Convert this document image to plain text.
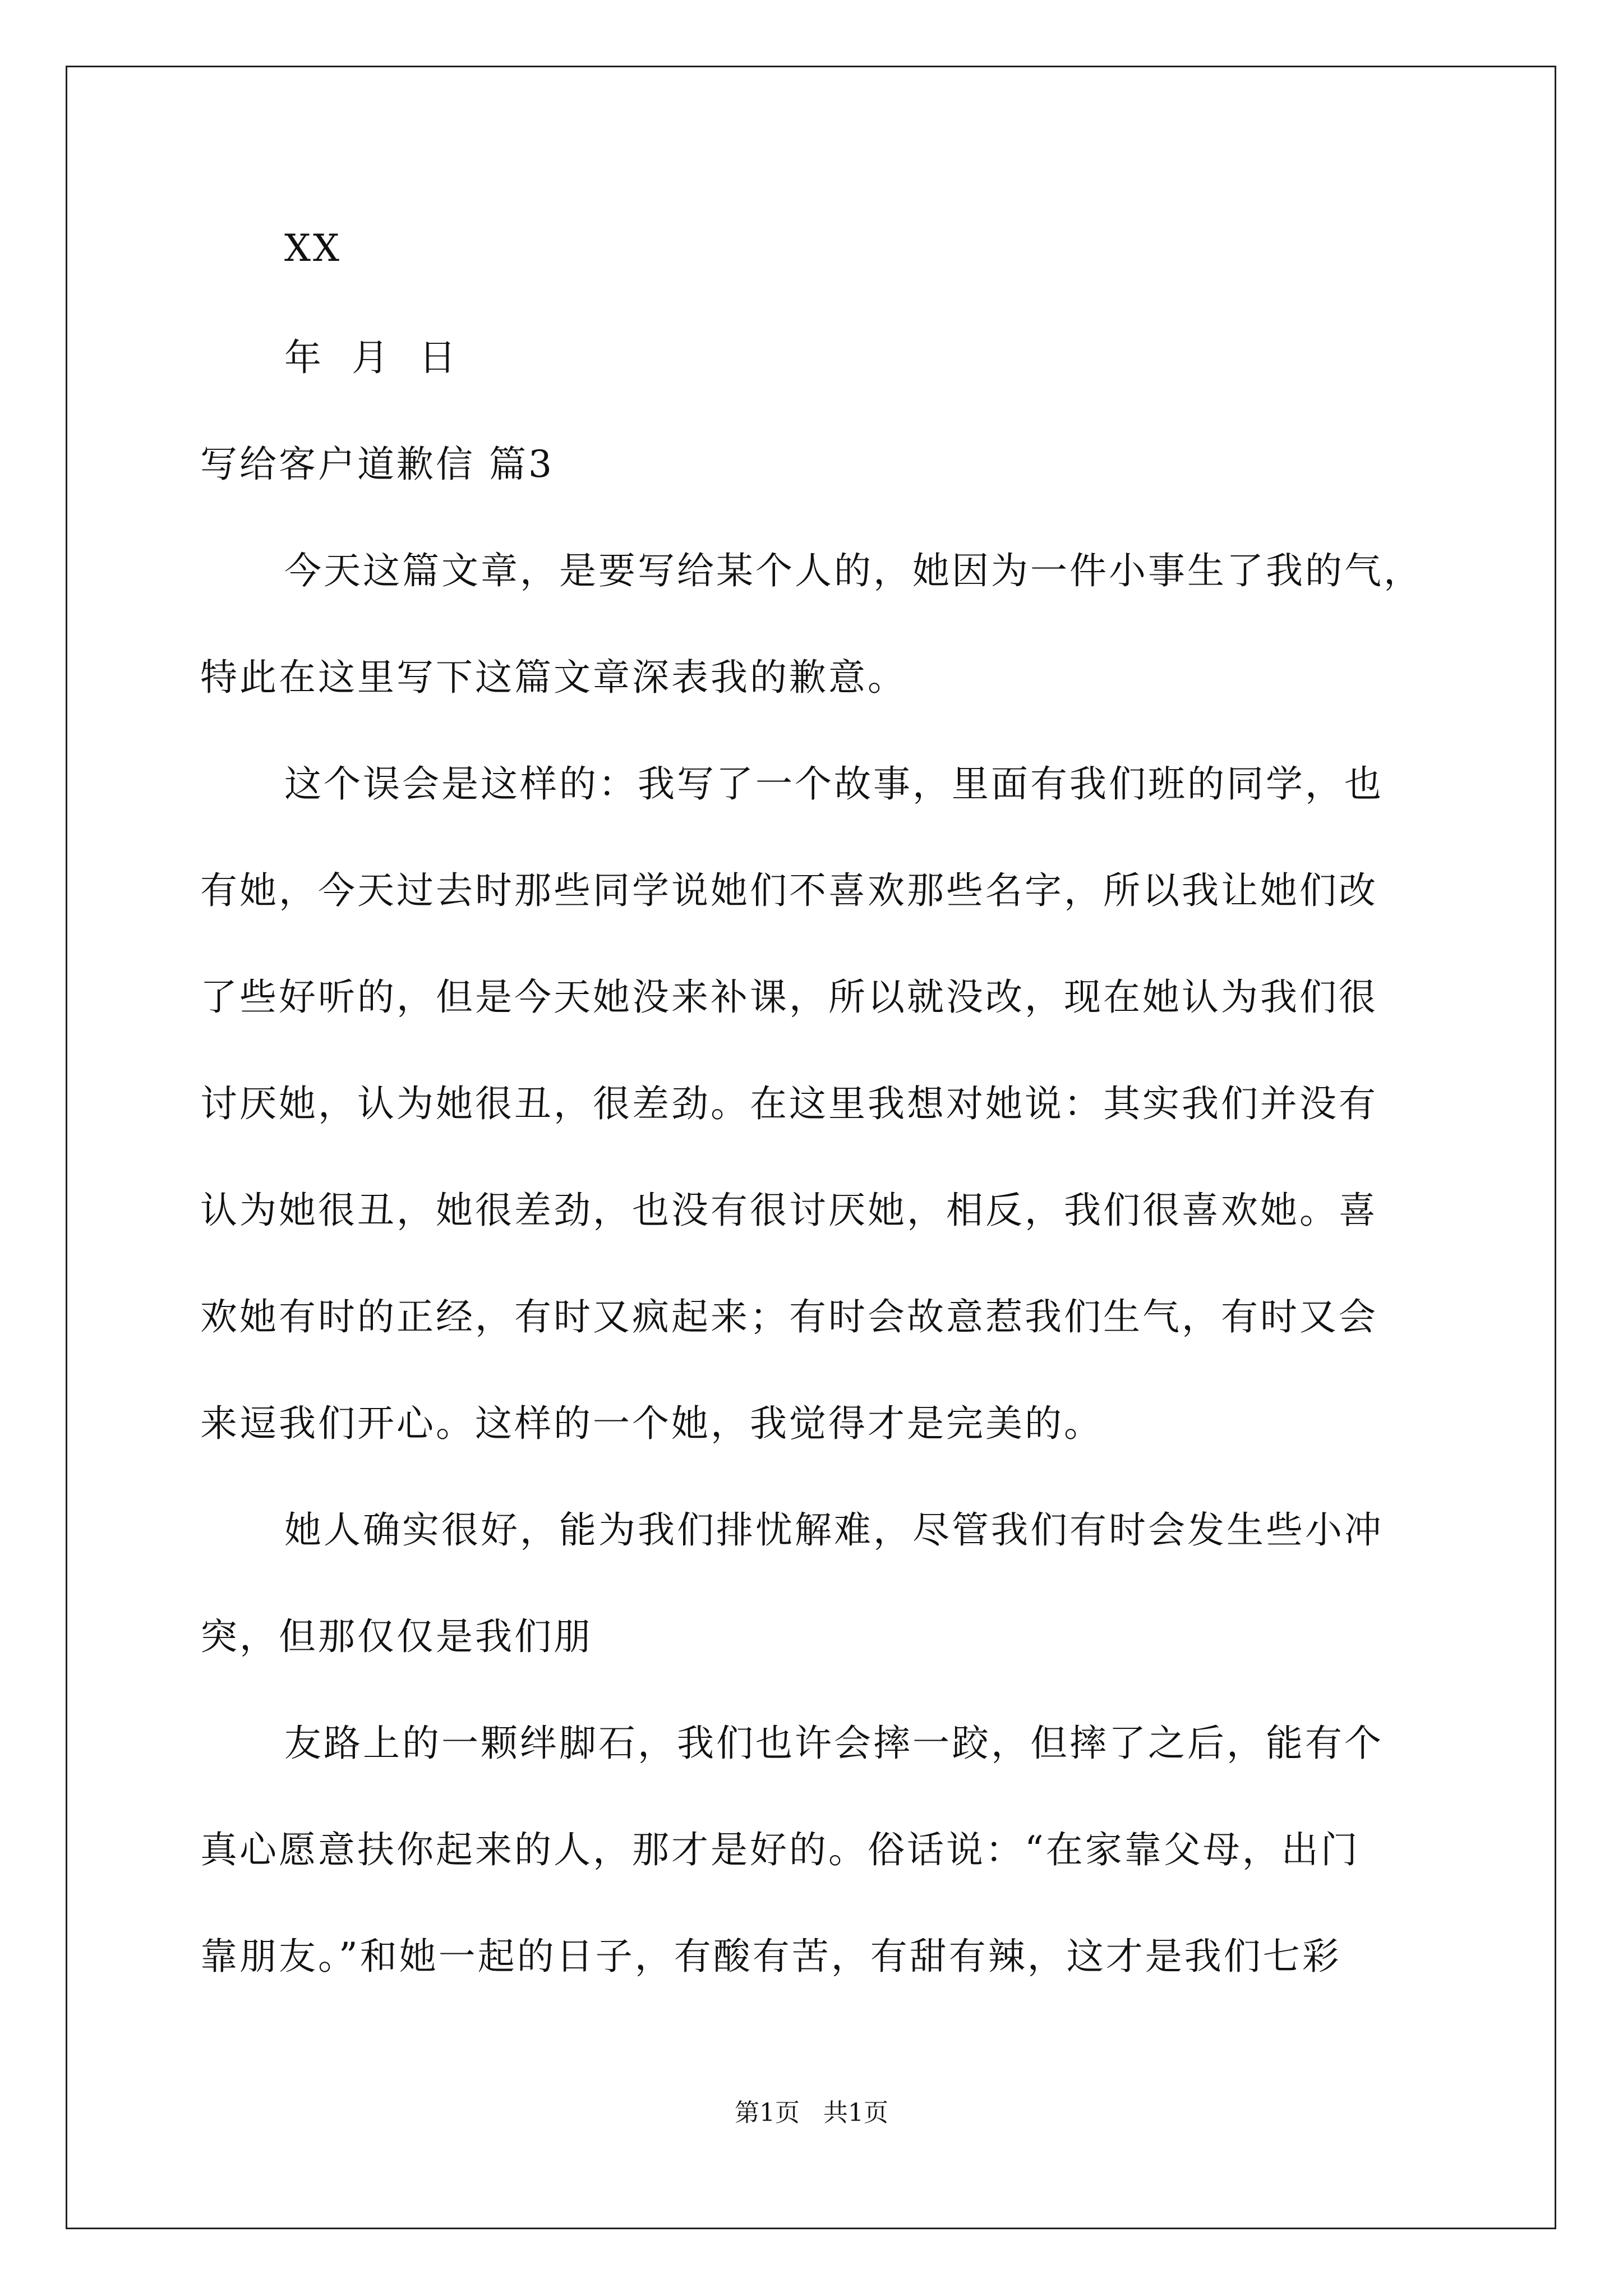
XX
年  月  日
写给客户道歉信 篇3
今天这篇文章，是要写给某个人的，她因为一件小事生了我的气，
特此在这里写下这篇文章深表我的歉意。
这个误会是这样的：我写了一个故事，里面有我们班的同学，也
有她，今天过去时那些同学说她们不喜欢那些名字，所以我让她们改
了些好听的，但是今天她没来补课，所以就没改，现在她认为我们很
讨厌她，认为她很丑，很差劲。在这里我想对她说：其实我们并没有
认为她很丑，她很差劲，也没有很讨厌她，相反，我们很喜欢她。喜
欢她有时的正经，有时又疯起来；有时会故意惹我们生气，有时又会
来逗我们开心。这样的一个她，我觉得才是完美的。
她人确实很好，能为我们排忧解难，尽管我们有时会发生些小冲
突，但那仅仅是我们朋
友路上的一颗绊脚石，我们也许会摔一跤，但摔了之后，能有个
真心愿意扶你起来的人，那才是好的。俗话说：“在家靠父母，出门
靠朋友。”和她一起的日子，有酸有苦，有甜有辣，这才是我们七彩
第1页   共1页
